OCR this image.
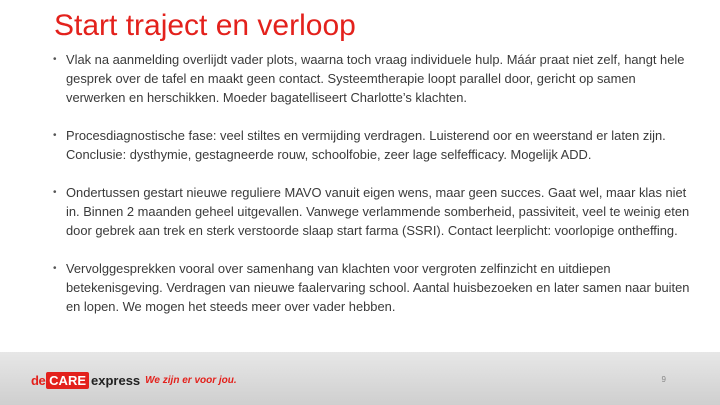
Start traject en verloop
• Vlak na aanmelding overlijdt vader plots, waarna toch vraag individuele hulp. Máár praat niet zelf, hangt hele gesprek over de tafel en maakt geen contact. Systeemtherapie loopt parallel door, gericht op samen verwerken en herschikken. Moeder bagatelliseert Charlotte’s klachten.
• Procesdiagnostische fase: veel stiltes en vermijding verdragen. Luisterend oor en weerstand er laten zijn. Conclusie: dysthymie, gestagneerde rouw, schoolfobie, zeer lage selfefficacy. Mogelijk ADD.
• Ondertussen gestart nieuwe reguliere MAVO vanuit eigen wens, maar geen succes. Gaat wel, maar klas niet in. Binnen 2 maanden geheel uitgevallen. Vanwege verlammende somberheid, passiviteit, veel te weinig eten door gebrek aan trek en sterk verstoorde slaap start farma (SSRI). Contact leerplicht: voorlopige ontheffing.
• Vervolggesprekken vooral over samenhang van klachten voor vergroten zelfinzicht en uitdiepen betekenisgeving. Verdragen van nieuwe faalervaring school. Aantal huisbezoeken en later samen naar buiten en lopen. We mogen het steeds meer over vader hebben.
de CARE express We zijn er voor jou.	9
